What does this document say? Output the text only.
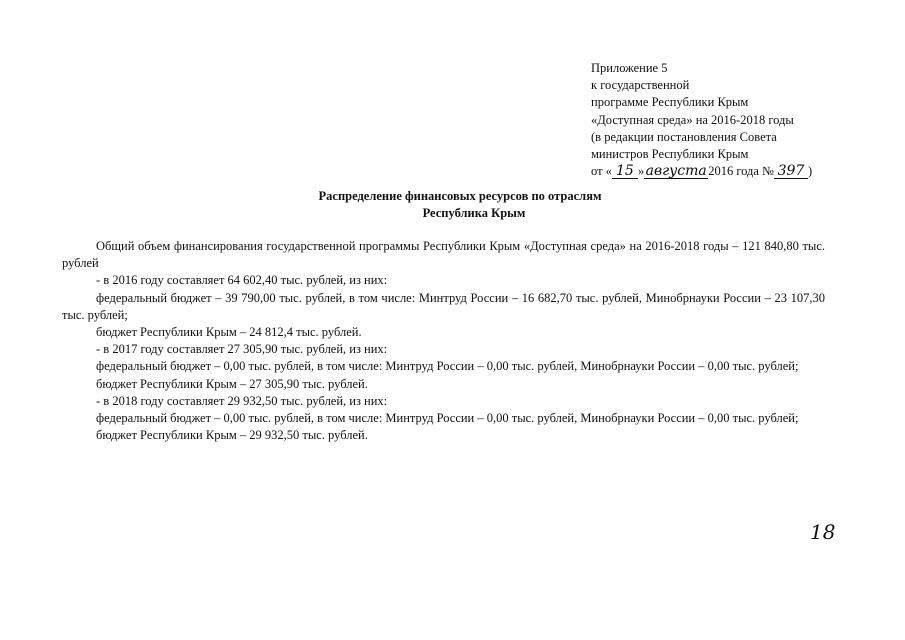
Приложение 5
к государственной
программе Республики Крым
«Доступная среда» на 2016-2018 годы
(в редакции постановления Совета
министров Республики Крым
от « 15 »августа2016 года № 397 )
Распределение финансовых ресурсов по отраслям
Республика Крым

Общий объем финансирования государственной программы Республики Крым «Доступная среда» на 2016-2018 годы – 121 840,80 тыс. рублей

- в 2016 году составляет 64 602,40 тыс. рублей, из них:

федеральный бюджет – 39 790,00 тыс. рублей, в том числе: Минтруд России – 16 682,70 тыс. рублей, Минобрнауки России – 23 107,30 тыс. рублей;

бюджет Республики Крым – 24 812,4 тыс. рублей.

- в 2017 году составляет 27 305,90 тыс. рублей, из них:

федеральный бюджет – 0,00 тыс. рублей, в том числе: Минтруд России – 0,00 тыс. рублей, Минобрнауки России – 0,00 тыс. рублей;

бюджет Республики Крым – 27 305,90 тыс. рублей.

- в 2018 году составляет 29 932,50 тыс. рублей, из них:

федеральный бюджет – 0,00 тыс. рублей, в том числе: Минтруд России – 0,00 тыс. рублей, Минобрнауки России – 0,00 тыс. рублей;

бюджет Республики Крым – 29 932,50 тыс. рублей.

18
